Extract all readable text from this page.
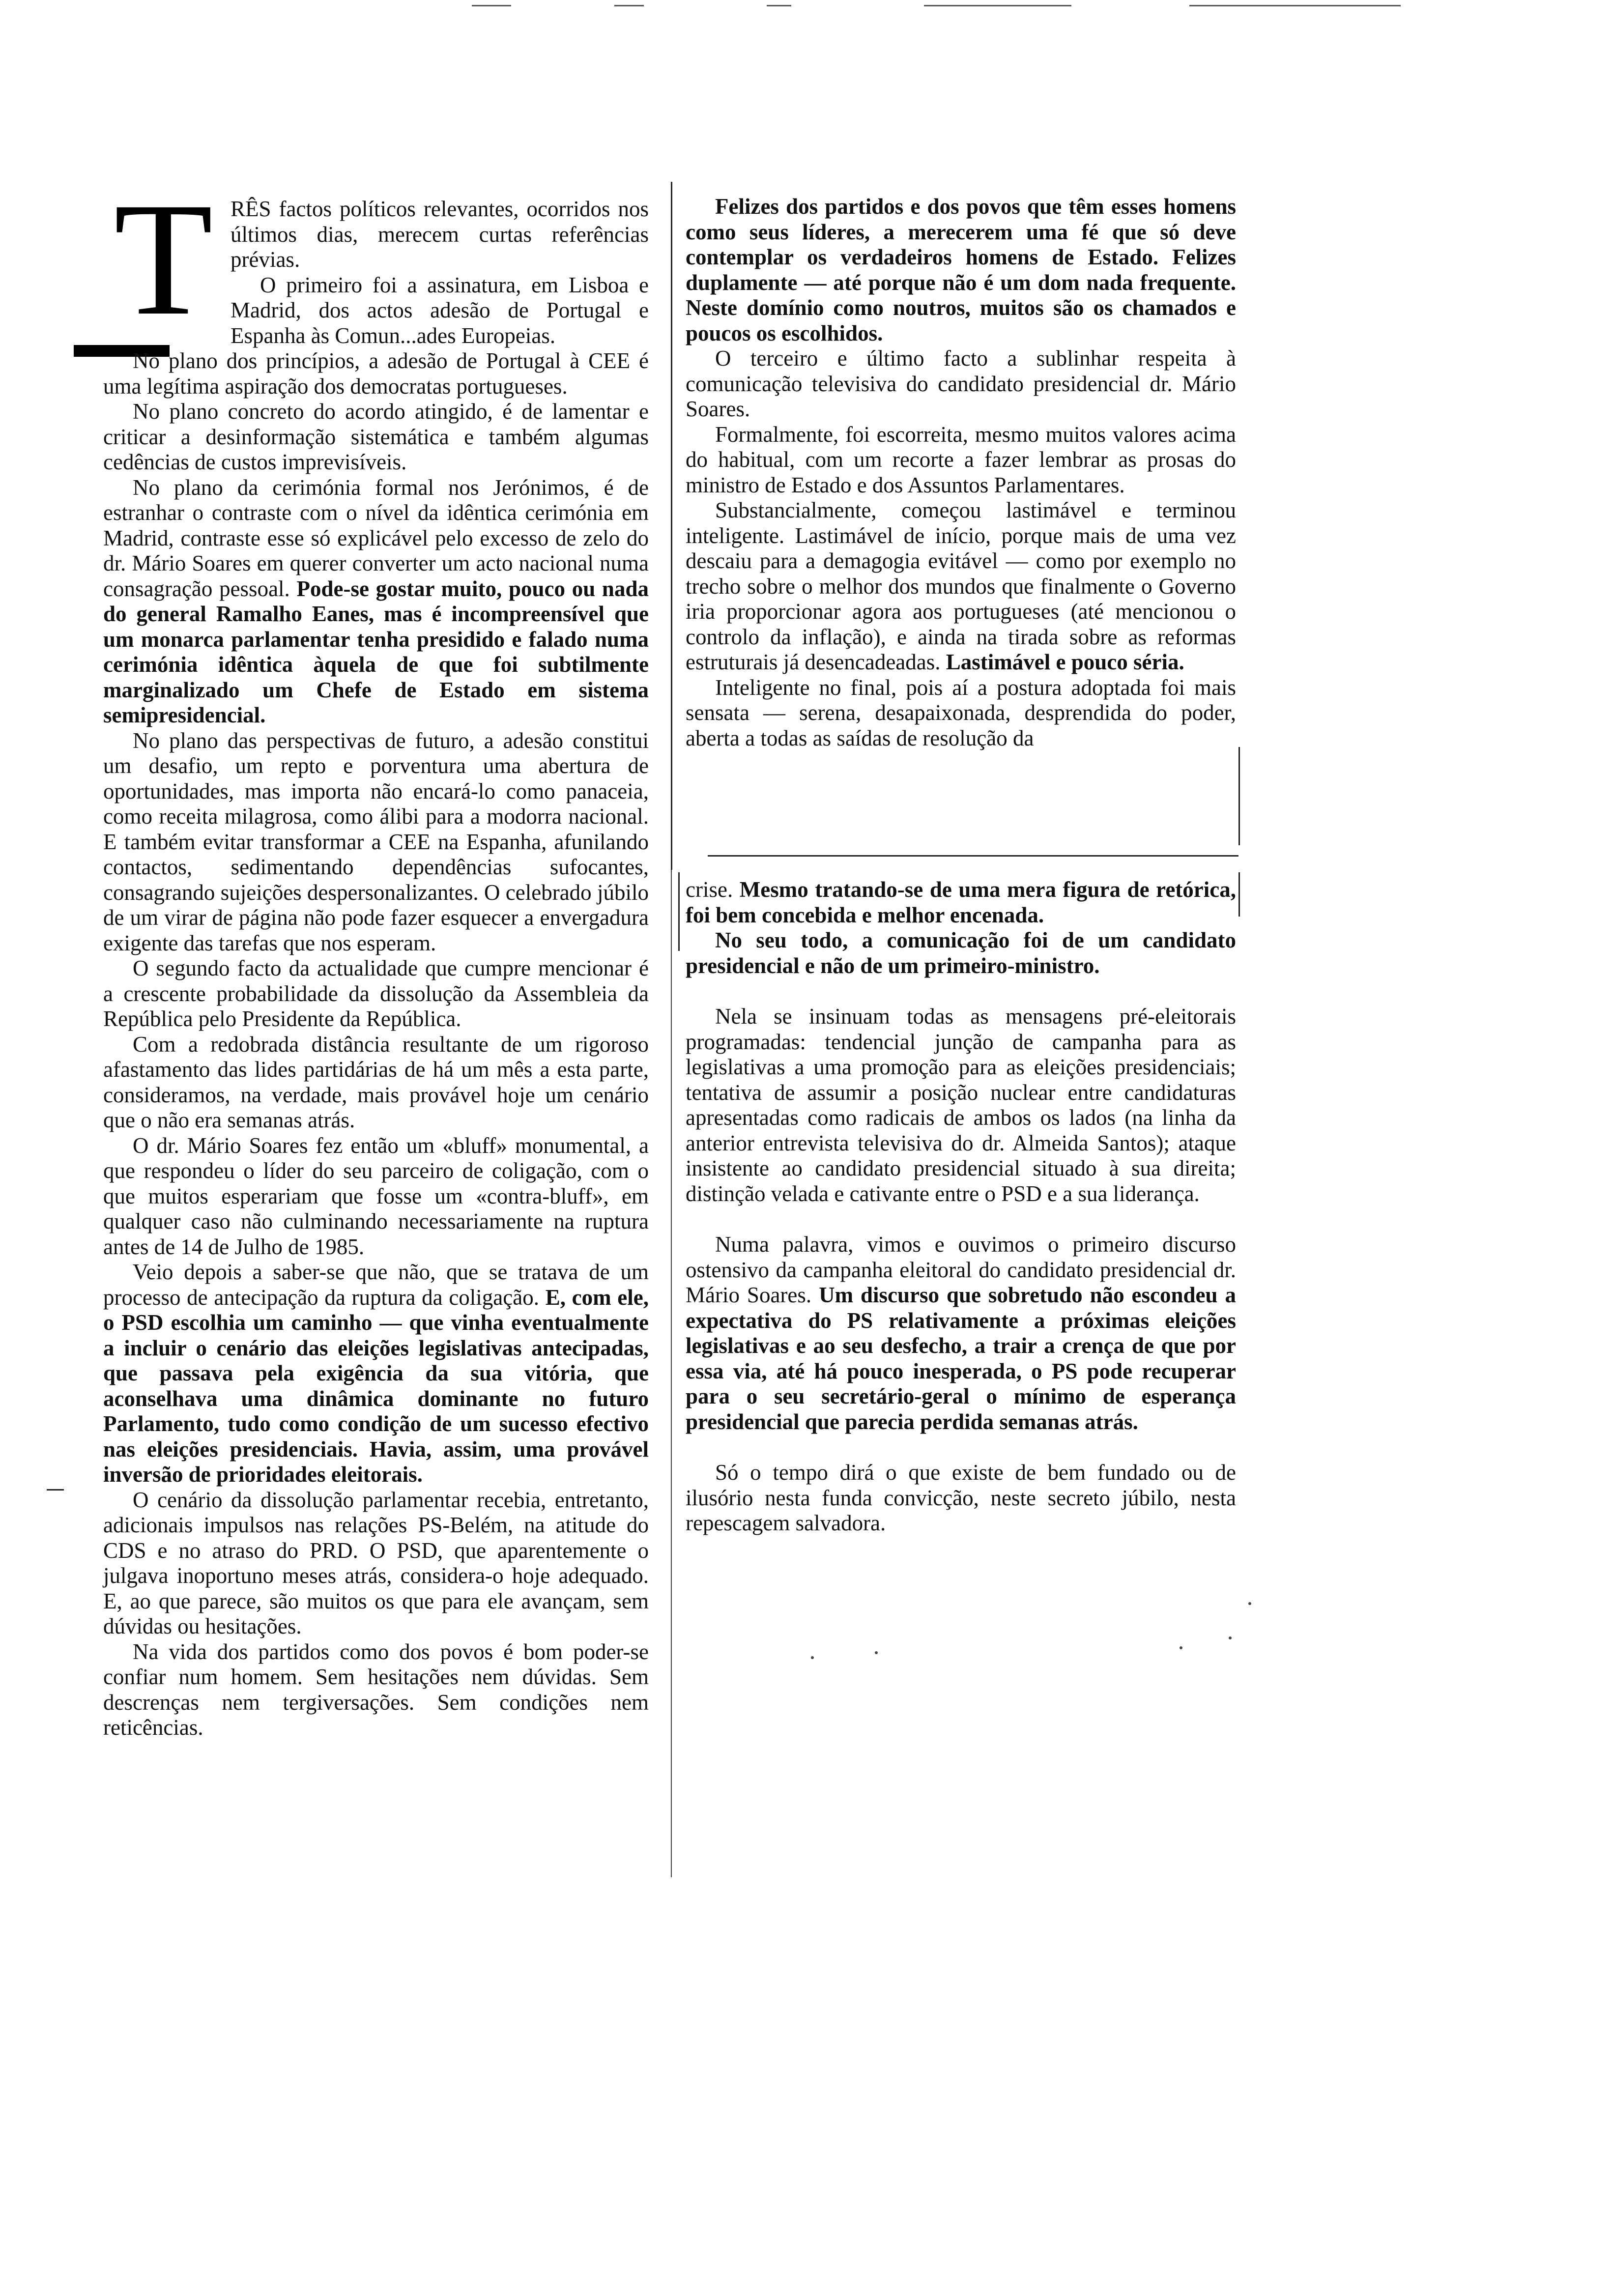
T RÊS factos políticos relevantes, ocorridos nos últimos dias, merecem curtas referências prévias.

O primeiro foi a assinatura, em Lisboa e Madrid, dos actos adesão de Portugal e Espanha às Comun...ades Europeias.

No plano dos princípios, a adesão de Portugal à CEE é uma legítima aspiração dos democratas portugueses.

No plano concreto do acordo atingido, é de lamentar e criticar a desinformação sistemática e também algumas cedências de custos imprevisíveis.

No plano da cerimónia formal nos Jerónimos, é de estranhar o contraste com o nível da idêntica cerimónia em Madrid, contraste esse só explicável pelo excesso de zelo do dr. Mário Soares em querer converter um acto nacional numa consagração pessoal. Pode-se gostar muito, pouco ou nada do general Ramalho Eanes, mas é incompreensível que um monarca parlamentar tenha presidido e falado numa cerimónia idêntica àquela de que foi subtilmente marginalizado um Chefe de Estado em sistema semipresidencial.

No plano das perspectivas de futuro, a adesão constitui um desafio, um repto e porventura uma abertura de oportunidades, mas importa não encará-lo como panaceia, como receita milagrosa, como álibi para a modorra nacional. E também evitar transformar a CEE na Espanha, afunilando contactos, sedimentando dependências sufocantes, consagrando sujeições despersonalizantes. O celebrado júbilo de um virar de página não pode fazer esquecer a envergadura exigente das tarefas que nos esperam.

O segundo facto da actualidade que cumpre mencionar é a crescente probabilidade da dissolução da Assembleia da República pelo Presidente da República.

Com a redobrada distância resultante de um rigoroso afastamento das lides partidárias de há um mês a esta parte, consideramos, na verdade, mais provável hoje um cenário que o não era semanas atrás.

O dr. Mário Soares fez então um «bluff» monumental, a que respondeu o líder do seu parceiro de coligação, com o que muitos esperariam que fosse um «contra-bluff», em qualquer caso não culminando necessariamente na ruptura antes de 14 de Julho de 1985.

Veio depois a saber-se que não, que se tratava de um processo de antecipação da ruptura da coligação. E, com ele, o PSD escolhia um caminho — que vinha eventualmente a incluir o cenário das eleições legislativas antecipadas, que passava pela exigência da sua vitória, que aconselhava uma dinâmica dominante no futuro Parlamento, tudo como condição de um sucesso efectivo nas eleições presidenciais. Havia, assim, uma provável inversão de prioridades eleitorais.

O cenário da dissolução parlamentar recebia, entretanto, adicionais impulsos nas relações PS-Belém, na atitude do CDS e no atraso do PRD. O PSD, que aparentemente o julgava inoportuno meses atrás, considera-o hoje adequado. E, ao que parece, são muitos os que para ele avançam, sem dúvidas ou hesitações.

Na vida dos partidos como dos povos é bom poder-se confiar num homem. Sem hesitações nem dúvidas. Sem descrenças nem tergiversações. Sem condições nem reticências.

Felizes dos partidos e dos povos que têm esses homens como seus líderes, a merecerem uma fé que só deve contemplar os verdadeiros homens de Estado. Felizes duplamente — até porque não é um dom nada frequente. Neste domínio como noutros, muitos são os chamados e poucos os escolhidos.

O terceiro e último facto a sublinhar respeita à comunicação televisiva do candidato presidencial dr. Mário Soares.

Formalmente, foi escorreita, mesmo muitos valores acima do habitual, com um recorte a fazer lembrar as prosas do ministro de Estado e dos Assuntos Parlamentares.

Substancialmente, começou lastimável e terminou inteligente. Lastimável de início, porque mais de uma vez descaiu para a demagogia evitável — como por exemplo no trecho sobre o melhor dos mundos que finalmente o Governo iria proporcionar agora aos portugueses (até mencionou o controlo da inflação), e ainda na tirada sobre as reformas estruturais já desencadeadas. Lastimável e pouco séria.

Inteligente no final, pois aí a postura adoptada foi mais sensata — serena, desapaixonada, desprendida do poder, aberta a todas as saídas de resolução da

crise. Mesmo tratando-se de uma mera figura de retórica, foi bem concebida e melhor encenada.

No seu todo, a comunicação foi de um candidato presidencial e não de um primeiro-ministro.

Nela se insinuam todas as mensagens pré-eleitorais programadas: tendencial junção de campanha para as legislativas a uma promoção para as eleições presidenciais; tentativa de assumir a posição nuclear entre candidaturas apresentadas como radicais de ambos os lados (na linha da anterior entrevista televisiva do dr. Almeida Santos); ataque insistente ao candidato presidencial situado à sua direita; distinção velada e cativante entre o PSD e a sua liderança.

Numa palavra, vimos e ouvimos o primeiro discurso ostensivo da campanha eleitoral do candidato presidencial dr. Mário Soares. Um discurso que sobretudo não escondeu a expectativa do PS relativamente a próximas eleições legislativas e ao seu desfecho, a trair a crença de que por essa via, até há pouco inesperada, o PS pode recuperar para o seu secretário-geral o mínimo de esperança presidencial que parecia perdida semanas atrás.

Só o tempo dirá o que existe de bem fundado ou de ilusório nesta funda convicção, neste secreto júbilo, nesta repescagem salvadora.
